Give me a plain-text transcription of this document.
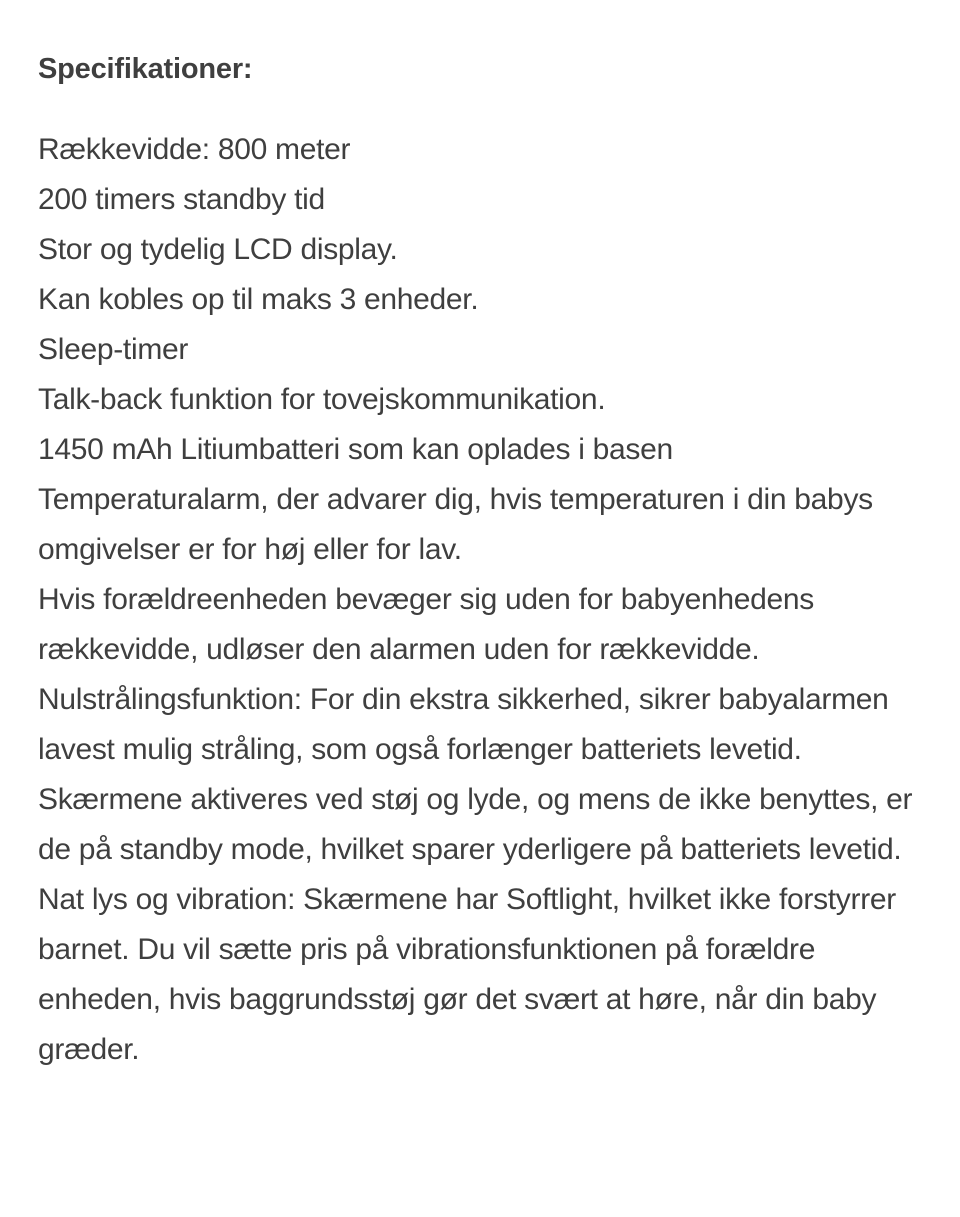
Specifikationer:
Rækkevidde: 800 meter
200 timers standby tid
Stor og tydelig LCD display.
Kan kobles op til maks 3 enheder.
Sleep-timer
Talk-back funktion for tovejskommunikation.
1450 mAh Litiumbatteri som kan oplades i basen
Temperaturalarm, der advarer dig, hvis temperaturen i din babys omgivelser er for høj eller for lav.
Hvis forældreenheden bevæger sig uden for babyenhedens rækkevidde, udløser den alarmen uden for rækkevidde.
Nulstrålingsfunktion: For din ekstra sikkerhed, sikrer babyalarmen lavest mulig stråling, som også forlænger batteriets levetid. Skærmene aktiveres ved støj og lyde, og mens de ikke benyttes, er de på standby mode, hvilket sparer yderligere på batteriets levetid.
Nat lys og vibration: Skærmene har Softlight, hvilket ikke forstyrrer barnet. Du vil sætte pris på vibrationsfunktionen på forældre enheden, hvis baggrundsstøj gør det svært at høre, når din baby græder.
